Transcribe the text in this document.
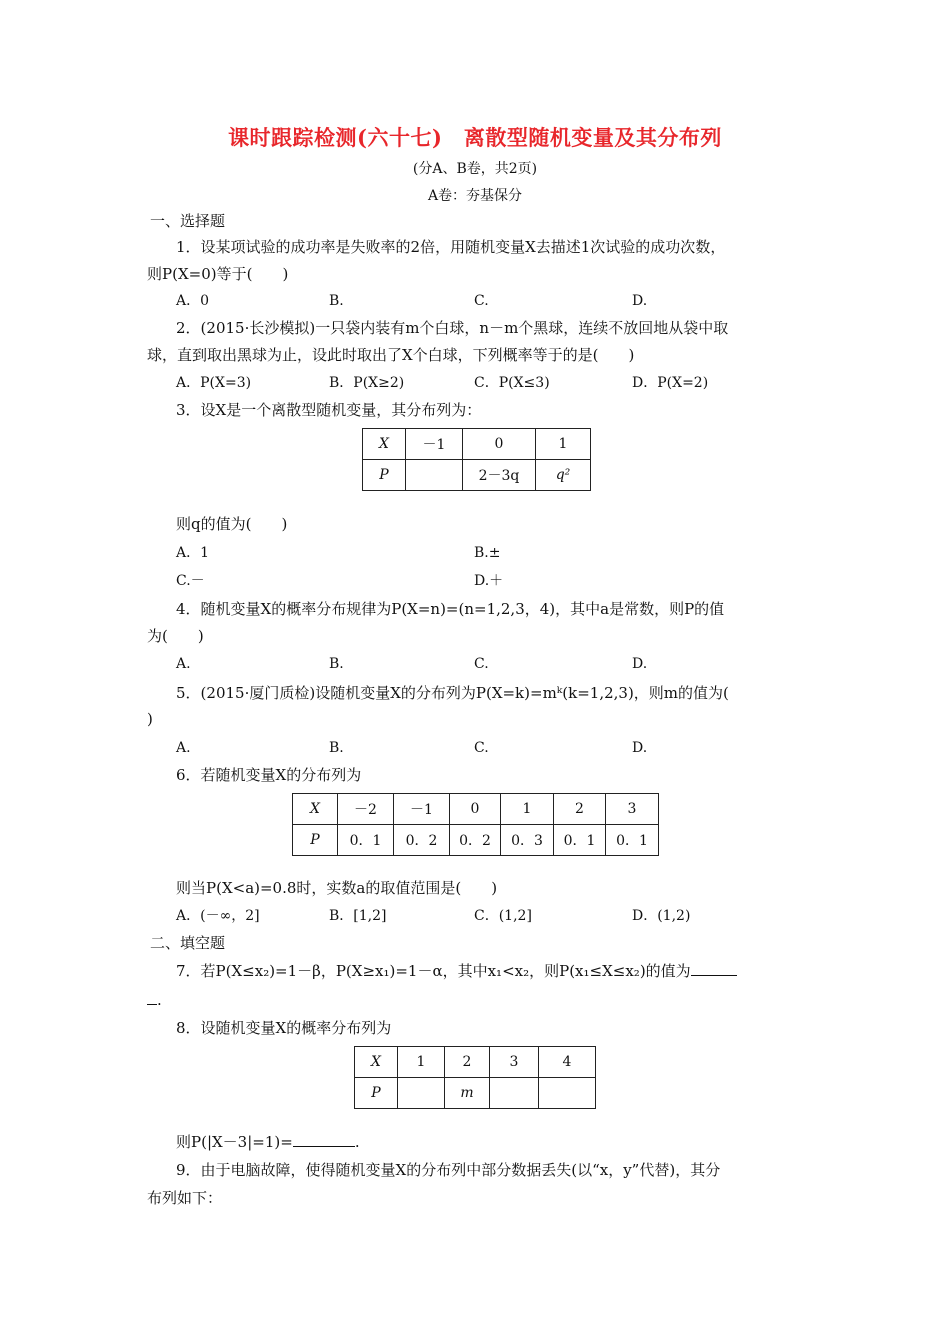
课时跟踪检测(六十七)　离散型随机变量及其分布列
(分A、B卷，共2页)
A卷：夯基保分
一、选择题
1．设某项试验的成功率是失败率的2倍，用随机变量X去描述1次试验的成功次数，
则P(X=0)等于(　　)
A．0	B.	C.	D.
2．(2015·长沙模拟)一只袋内装有m个白球，n－m个黑球，连续不放回地从袋中取
球，直到取出黑球为止，设此时取出了X个白球，下列概率等于的是(　　)
A．P(X=3)	B．P(X≥2)	C．P(X≤3)	D．P(X=2)
3．设X是一个离散型随机变量，其分布列为：
X	－1	0	1
P		2－3q	q²
则q的值为(　　)
A．1	B.±
C.－	D.＋
4．随机变量X的概率分布规律为P(X=n)=(n=1,2,3，4)，其中a是常数，则P的值
为(　　)
A.	B.	C.	D.
5．(2015·厦门质检)设随机变量X的分布列为P(X=k)=mᵏ(k=1,2,3)，则m的值为(
)
A.	B.	C.	D.
6．若随机变量X的分布列为
X	－2	－1	0	1	2	3
P	0．1	0．2	0．2	0．3	0．1	0．1
则当P(X<a)=0.8时，实数a的取值范围是(　　)
A．(－∞，2]	B．[1,2]	C．(1,2]	D．(1,2)
二、填空题
7．若P(X≤x₂)=1－β，P(X≥x₁)=1－α，其中x₁<x₂，则P(x₁≤X≤x₂)的值为
.
8．设随机变量X的概率分布列为
X	1	2	3	4
P		m		
则P(|X－3|=1)=	.
9．由于电脑故障，使得随机变量X的分布列中部分数据丢失(以“x，y”代替)，其分
布列如下：
